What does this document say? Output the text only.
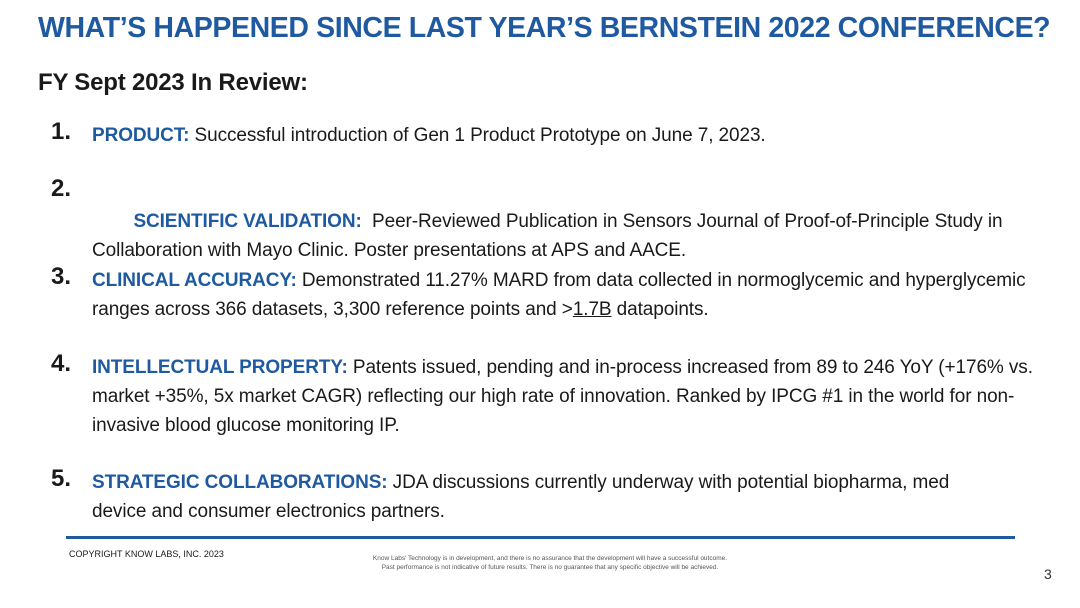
WHAT’S HAPPENED SINCE LAST YEAR’S BERNSTEIN 2022 CONFERENCE?
FY Sept 2023 In Review:
1. PRODUCT: Successful introduction of Gen 1 Product Prototype on June 7, 2023.
2.

SCIENTIFIC VALIDATION:  Peer-Reviewed Publication in Sensors Journal of Proof-of-Principle Study in Collaboration with Mayo Clinic. Poster presentations at APS and AACE.

3. CLINICAL ACCURACY: Demonstrated 11.27% MARD from data collected in normoglycemic and hyperglycemic ranges across 366 datasets, 3,300 reference points and >1.7B datapoints.
4. INTELLECTUAL PROPERTY: Patents issued, pending and in-process increased from 89 to 246 YoY (+176% vs. market +35%, 5x market CAGR) reflecting our high rate of innovation. Ranked by IPCG #1 in the world for non-invasive blood glucose monitoring IP.
5. STRATEGIC COLLABORATIONS: JDA discussions currently underway with potential biopharma, med device and consumer electronics partners.
COPYRIGHT KNOW LABS, INC. 2023	Know Labs' Technology is in development, and there is no assurance that the development will have a successful outcome.
Past performance is not indicative of future results. There is no guarantee that any specific objective will be achieved.	3
